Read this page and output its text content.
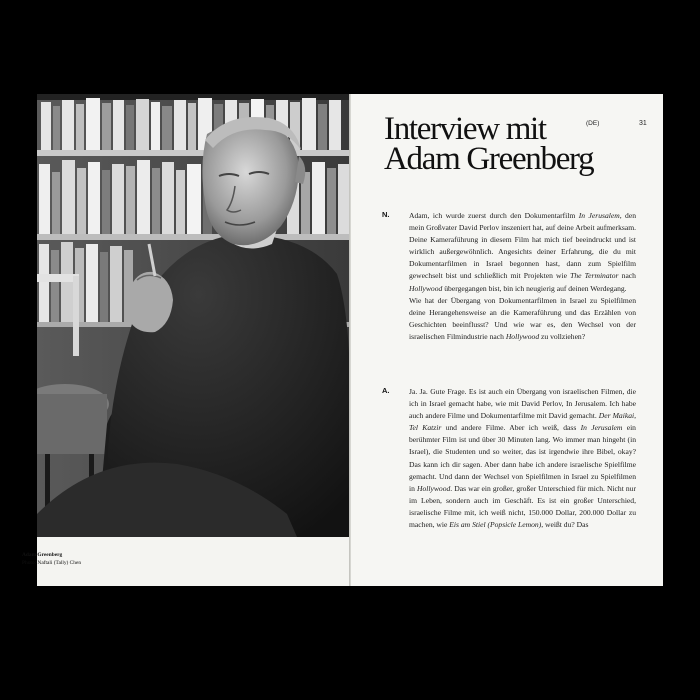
Adam Greenberg
Photo: Naftali (Tally) Chen
Interview mit
Adam Greenberg
(DE)	31
N.	Adam, ich wurde zuerst durch den Dokumentarfilm In Jerusalem, den mein Großvater David Perlov inszeniert hat, auf deine Arbeit aufmerksam. Deine Kameraführung in diesem Film hat mich tief beeindruckt und ist wirklich außergewöhnlich. Angesichts deiner Erfahrung, die du mit Dokumentarfilmen in Israel begonnen hast, dann zum Spielfilm gewechselt bist und schließlich mit Projekten wie The Terminator nach Hollywood übergegangen bist, bin ich neugierig auf deinen Werdegang.

Wie hat der Übergang von Dokumentarfilmen in Israel zu Spielfilmen deine Herangehensweise an die Kameraführung und das Erzählen von Geschichten beeinflusst? Und wie war es, den Wechsel von der israelischen Filmindustrie nach Hollywood zu vollziehen?

A.	Ja. Ja. Gute Frage. Es ist auch ein Übergang von israelischen Filmen, die ich in Israel gemacht habe, wie mit David Perlov, In Jerusalem. Ich habe auch andere Filme und Dokumentarfilme mit David gemacht. Der Maikai, Tel Katzir und andere Filme. Aber ich weiß, dass In Jerusalem ein berühmter Film ist und über 30 Minuten lang. Wo immer man hingeht (in Israel), die Studenten und so weiter, das ist irgendwie ihre Bibel, okay? Das kann ich dir sagen. Aber dann habe ich andere israelische Spielfilme gemacht. Und dann der Wechsel von Spielfilmen in Israel zu Spielfilmen in Hollywood. Das war ein großer, großer Unterschied für mich. Nicht nur im Leben, sondern auch im Geschäft. Es ist ein großer Unterschied, israelische Filme mit, ich weiß nicht, 150.000 Dollar, 200.000 Dollar zu machen, wie Eis am Stiel (Popsicle Lemon), weißt du? Das
